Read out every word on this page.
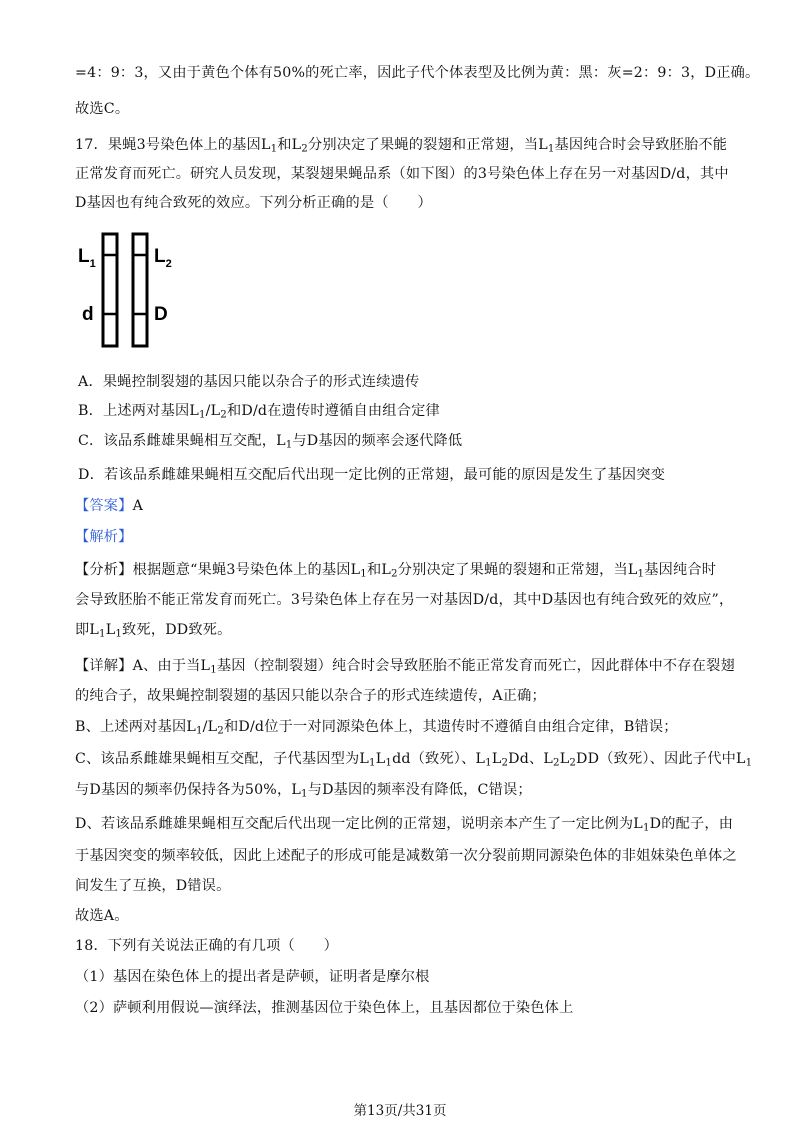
=4：9：3，又由于黄色个体有50%的死亡率，因此子代个体表型及比例为黄：黑：灰=2：9：3，D正确。
故选C。
17．果蝇3号染色体上的基因$L_1$和$L_2$分别决定了果蝇的裂翅和正常翅，当$L_1$基因纯合时会导致胚胎不能
正常发育而死亡。研究人员发现，某裂翅果蝇品系（如下图）的3号染色体上存在另一对基因D/d，其中
D基因也有纯合致死的效应。下列分析正确的是（　　）
$L_1$	$L_2$
d	D
A．果蝇控制裂翅的基因只能以杂合子的形式连续遗传
B．上述两对基因$L_1/L_2$和D/d在遗传时遵循自由组合定律
C．该品系雌雄果蝇相互交配，$L_1$与D基因的频率会逐代降低
D．若该品系雌雄果蝇相互交配后代出现一定比例的正常翅，最可能的原因是发生了基因突变
【答案】A
【解析】
【分析】根据题意“果蝇3号染色体上的基因$L_1$和$L_2$分别决定了果蝇的裂翅和正常翅，当$L_1$基因纯合时
会导致胚胎不能正常发育而死亡。3号染色体上存在另一对基因D/d，其中D基因也有纯合致死的效应”，
即$L_1L_1$致死，DD致死。
【详解】A、由于当$L_1$基因（控制裂翅）纯合时会导致胚胎不能正常发育而死亡，因此群体中不存在裂翅
的纯合子，故果蝇控制裂翅的基因只能以杂合子的形式连续遗传，A正确；
B、上述两对基因$L_1/L_2$和D/d位于一对同源染色体上，其遗传时不遵循自由组合定律，B错误；
C、该品系雌雄果蝇相互交配，子代基因型为$L_1L_1dd$（致死）、$L_1L_2Dd$、$L_2L_2DD$（致死）、因此子代中$L_1$
与D基因的频率仍保持各为50%，$L_1$与D基因的频率没有降低，C错误；
D、若该品系雌雄果蝇相互交配后代出现一定比例的正常翅，说明亲本产生了一定比例为$L_1D$的配子，由
于基因突变的频率较低，因此上述配子的形成可能是减数第一次分裂前期同源染色体的非姐妹染色单体之
间发生了互换，D错误。
故选A。
18．下列有关说法正确的有几项（　　）
（1）基因在染色体上的提出者是萨顿，证明者是摩尔根
（2）萨顿利用假说—演绎法，推测基因位于染色体上，且基因都位于染色体上
第13页/共31页
